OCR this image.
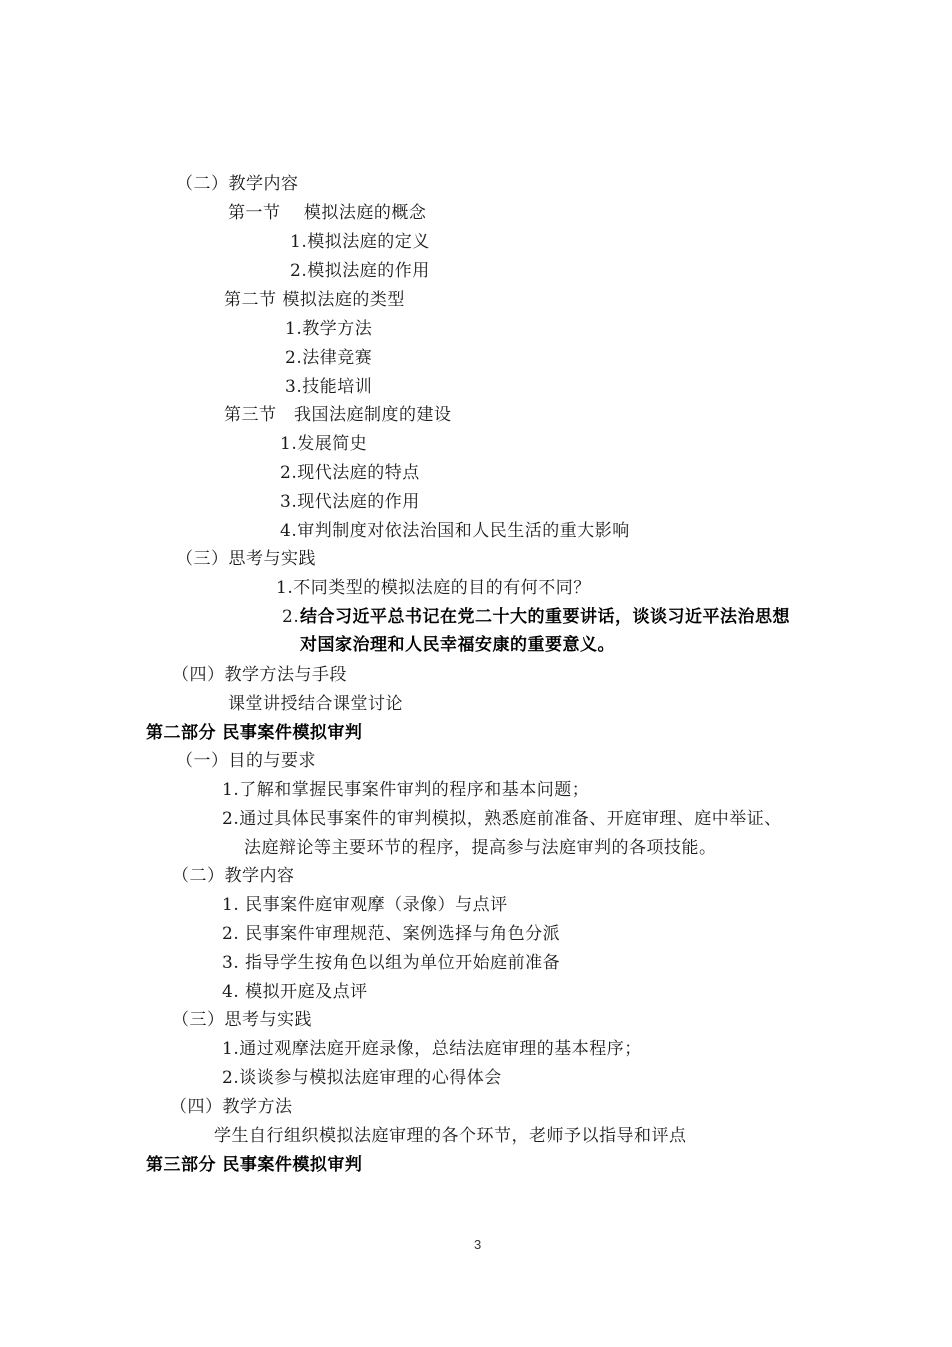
（二）教学内容
第一节　 模拟法庭的概念
1.模拟法庭的定义
2.模拟法庭的作用
第二节 模拟法庭的类型
1.教学方法
2.法律竞赛
3.技能培训
第三节　我国法庭制度的建设
1.发展简史
2.现代法庭的特点
3.现代法庭的作用
4.审判制度对依法治国和人民生活的重大影响
（三）思考与实践
1.不同类型的模拟法庭的目的有何不同？
2. 结合习近平总书记在党二十大的重要讲话，谈谈习近平法治思想
对国家治理和人民幸福安康的重要意义。
（四）教学方法与手段
课堂讲授结合课堂讨论
第二部分 民事案件模拟审判
（一）目的与要求
1.了解和掌握民事案件审判的程序和基本问题；
2.通过具体民事案件的审判模拟，熟悉庭前准备、开庭审理、庭中举证、
法庭辩论等主要环节的程序，提高参与法庭审判的各项技能。
（二）教学内容
1. 民事案件庭审观摩（录像）与点评
2. 民事案件审理规范、案例选择与角色分派
3. 指导学生按角色以组为单位开始庭前准备
4. 模拟开庭及点评
（三）思考与实践
1.通过观摩法庭开庭录像，总结法庭审理的基本程序；
2.谈谈参与模拟法庭审理的心得体会
（四）教学方法
学生自行组织模拟法庭审理的各个环节，老师予以指导和评点
第三部分 民事案件模拟审判
3
